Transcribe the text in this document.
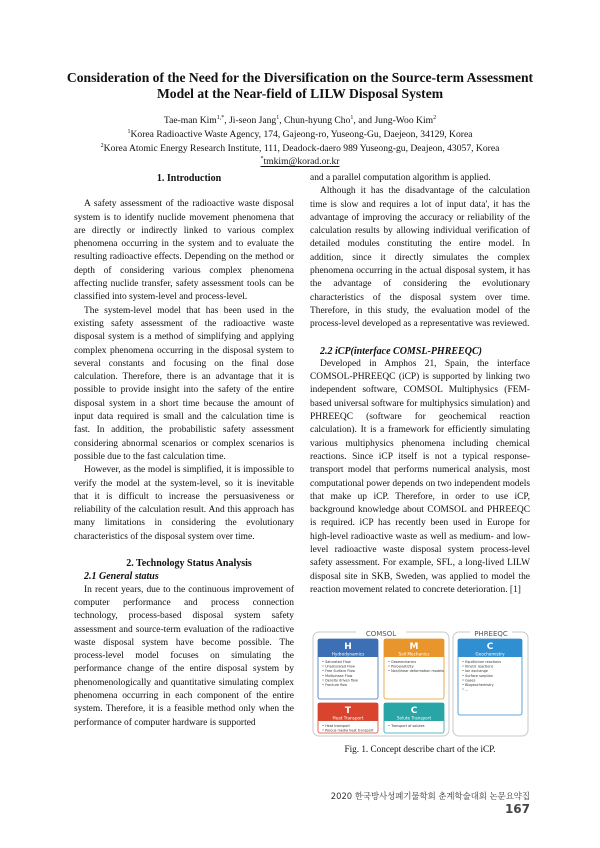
Consideration of the Need for the Diversification on the Source-term Assessment
Model at the Near-field of LILW Disposal System
Tae-man Kim$^{1,*}$, Ji-seon Jang$^1$, Chun-hyung Cho$^1$, and Jung-Woo Kim$^2$
$^1$Korea Radioactive Waste Agency, 174, Gajeong-ro, Yuseong-Gu, Daejeon, 34129, Korea
$^2$Korea Atomic Energy Research Institute, 111, Deadock-daero 989 Yuseong-gu, Deajeon, 43057, Korea
*tmkim@korad.or.kr

1. Introduction

A safety assessment of the radioactive waste disposal system is to identify nuclide movement phenomena that are directly or indirectly linked to various complex phenomena occurring in the system and to evaluate the resulting radioactive effects. Depending on the method or depth of considering various complex phenomena affecting nuclide transfer, safety assessment tools can be classified into system-level and process-level.

The system-level model that has been used in the existing safety assessment of the radioactive waste disposal system is a method of simplifying and applying complex phenomena occurring in the disposal system to several constants and focusing on the final dose calculation. Therefore, there is an advantage that it is possible to provide insight into the safety of the entire disposal system in a short time because the amount of input data required is small and the calculation time is fast. In addition, the probabilistic safety assessment considering abnormal scenarios or complex scenarios is possible due to the fast calculation time.

However, as the model is simplified, it is impossible to verify the model at the system-level, so it is inevitable that it is difficult to increase the persuasiveness or reliability of the calculation result. And this approach has many limitations in considering the evolutionary characteristics of the disposal system over time.

2. Technology Status Analysis

2.1 General status

In recent years, due to the continuous improvement of computer performance and process connection technology, process-based disposal system safety assessment and source-term evaluation of the radioactive waste disposal system have become possible. The process-level model focuses on simulating the performance change of the entire disposal system by phenomenologically and quantitative simulating complex phenomena occurring in each component of the entire system. Therefore, it is a feasible method only when the performance of computer hardware is supported

and a parallel computation algorithm is applied.

Although it has the disadvantage of the calculation time is slow and requires a lot of input data', it has the advantage of improving the accuracy or reliability of the calculation results by allowing individual verification of detailed modules constituting the entire model. In addition, since it directly simulates the complex phenomena occurring in the actual disposal system, it has the advantage of considering the evolutionary characteristics of the disposal system over time. Therefore, in this study, the evaluation model of the process-level developed as a representative was reviewed.

2.2 iCP(interface COMSL-PHREEQC)

Developed in Amphos 21, Spain, the interface COMSOL-PHREEQC (iCP) is supported by linking two independent software, COMSOL Multiphysics (FEM-based universal software for multiphysics simulation) and PHREEQC (software for geochemical reaction calculation). It is a framework for efficiently simulating various multiphysics phenomena including chemical reactions. Since iCP itself is not a typical response-transport model that performs numerical analysis, most computational power depends on two independent models that make up iCP. Therefore, in order to use iCP, background knowledge about COMSOL and PHREEQC is required. iCP has recently been used in Europe for high-level radioactive waste as well as medium- and low-level radioactive waste disposal system process-level safety assessment. For example, SFL, a long-lived LILW disposal site in SKB, Sweden, was applied to model the reaction movement related to concrete deterioration. [1]

COMSOL	PHREEQC
H
Hydrodynamics
• Saturated Flow
• Unsaturated Flow
• Free Surface Flow
• Multiphase Flow
• Density driven flow
• Fracture flow
M
Soil Mechanics
• Geomechanics
• Poroelasticity
• Non/linear deformation models
C
Geochemistry
• Equilibrium reactions
• Kinetic reactions
• Ion exchange
• Surface sorption
• Gases
• Biogeochemistry
• ...
T
Heat Transport
• Heat transport
• Porous media heat transport
C
Solute Transport
• Transport of solutes
Fig. 1. Concept describe chart of the iCP.
2020 한국방사성폐기물학회 춘계학술대회 논문요약집 167
